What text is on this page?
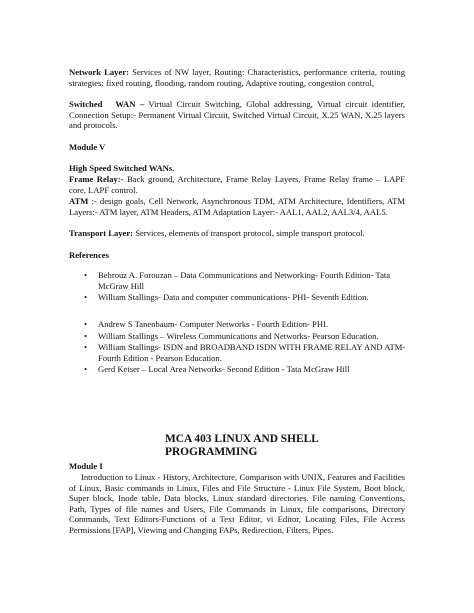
Network Layer: Services of NW layer, Routing: Characteristics, performance criteria, routing strategies: fixed routing, flooding, random routing, Adaptive routing, congestion control,

Switched   WAN – Virtual Circuit Switching, Global addressing, Virtual circuit identifier, Connection Setup:- Permanent Virtual Circuit, Switched Virtual Circuit, X.25 WAN, X.25 layers and protocols.

Module V

High Speed Switched WANs.

Frame Relay:- Back ground, Architecture, Frame Relay Layers, Frame Relay frame – LAPF core, LAPF control.

ATM :- design goals, Cell Network, Asynchronous TDM, ATM Architecture, Identifiers, ATM Layers:- ATM layer, ATM Headers, ATM Adaptation Layer:- AAL1, AAL2, AAL3/4, AAL5.

Transport Layer: Services, elements of transport protocol, simple transport protocol.

References

• Behrouz A. Forouzan – Data Communications and Networking- Fourth Edition- Tata McGraw Hill
• William Stallings- Data and computer communications- PHI- Seventh Edition.
• Andrew S Tanenbaum- Computer Networks - Fourth Edition- PHI.
• William Stallings – Wireless Communications and Networks- Pearson Education.
• William Stallings- ISDN and BROADBAND ISDN WITH FRAME RELAY AND ATM-Fourth Edition - Pearson Education.
• Gerd Keiser – Local Area Networks- Second Edition - Tata McGraw Hill
MCA 403 LINUX AND SHELL
PROGRAMMING

Module I

Introduction to Linux - History, Architecture, Comparison with UNIX, Features and Facilities of Linux, Basic commands in Linux, Files and File Structure - Linux File System, Boot block, Super block, Inode table, Data blocks, Linux standard directories. File naming Conventions, Path, Types of file names and Users, File Commands in Linux, file comparisons, Directory Commands, Text Editors-Functions of a Text Editor, vi Editor, Locating Files, File Access Permissions [FAP], Viewing and Changing FAPs, Redirection, Filters, Pipes.
